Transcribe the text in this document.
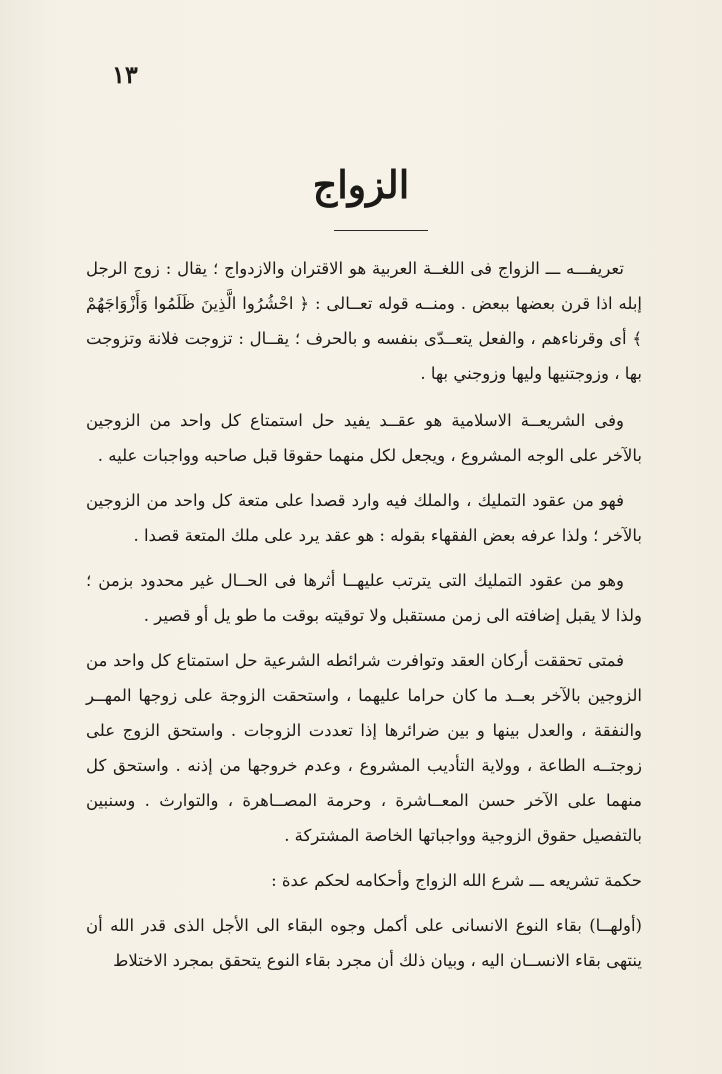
١٣
الزواج

تعريفـــه ـــ الزواج فى اللغــة العربية هو الاقتران والازدواج ؛ يقال : زوج الرجل إبله اذا قرن بعضها ببعض . ومنــه قوله تعــالى : ﴿ احْشُرُوا الَّذِينَ ظَلَمُوا وَأَزْوَاجَهُمْ ﴾ أى وقرناءهم ، والفعل يتعــدّى بنفسه و بالحرف ؛ يقــال : تزوجت فلانة وتزوجت بها ، وزوجتنيها وليها وزوجني بها .

وفى الشريعــة الاسلامية هو عقــد يفيد حل استمتاع كل واحد من الزوجين بالآخر على الوجه المشروع ، ويجعل لكل منهما حقوقا قبل صاحبه وواجبات عليه .

فهو من عقود التمليك ، والملك فيه وارد قصدا على متعة كل واحد من الزوجين بالآخر ؛ ولذا عرفه بعض الفقهاء بقوله : هو عقد يرد على ملك المتعة قصدا .

وهو من عقود التمليك التى يترتب عليهــا أثرها فى الحــال غير محدود بزمن ؛ ولذا لا يقبل إضافته الى زمن مستقبل ولا توقيته بوقت ما طو يل أو قصير .

فمتى تحققت أركان العقد وتوافرت شرائطه الشرعية حل استمتاع كل واحد من الزوجين بالآخر بعــد ما كان حراما عليهما ، واستحقت الزوجة على زوجها المهــر والنفقة ، والعدل بينها و بين ضرائرها إذا تعددت الزوجات . واستحق الزوج على زوجتــه الطاعة ، وولاية التأديب المشروع ، وعدم خروجها من إذنه . واستحق كل منهما على الآخر حسن المعــاشرة ، وحرمة المصــاهرة ، والتوارث . وسنبين بالتفصيل حقوق الزوجية وواجباتها الخاصة المشتركة .

حكمة تشريعه ـــ شرع الله الزواج وأحكامه لحكم عدة :

(أولهــا) بقاء النوع الانسانى على أكمل وجوه البقاء الى الأجل الذى قدر الله أن ينتهى بقاء الانســان اليه ، وبيان ذلك أن مجرد بقاء النوع يتحقق بمجرد الاختلاط
